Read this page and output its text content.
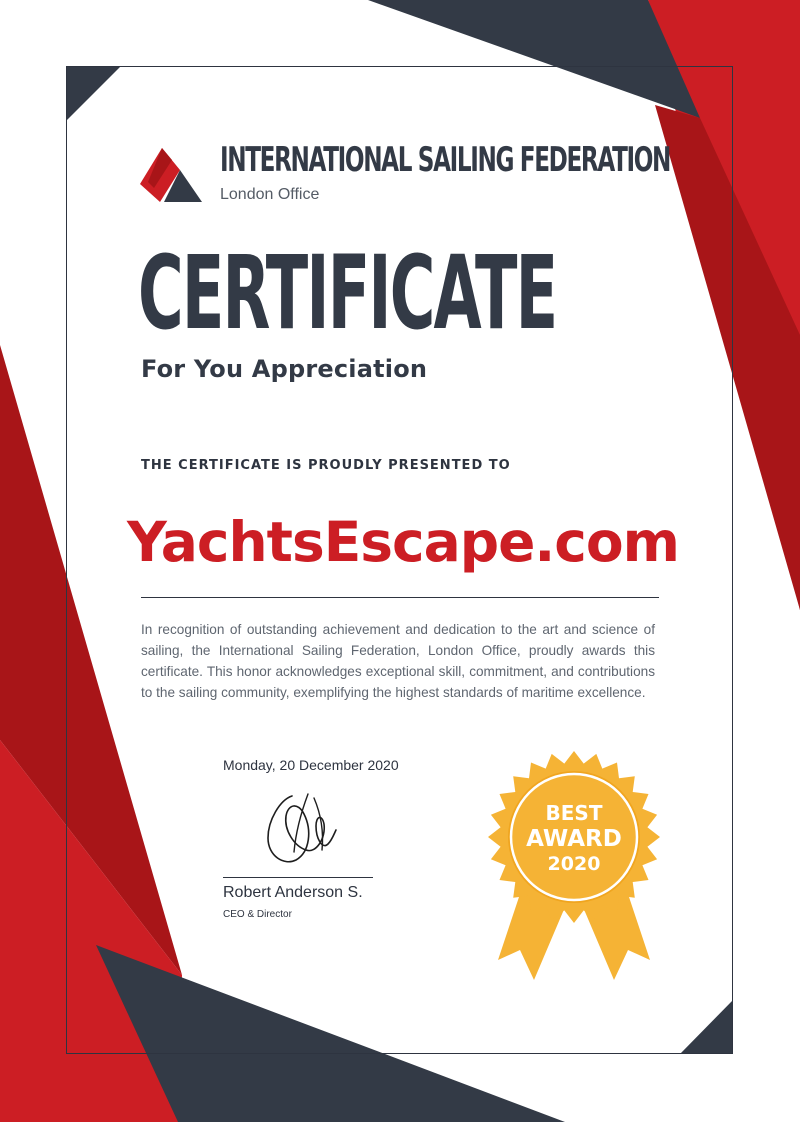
INTERNATIONAL SAILING FEDERATION
London Office
CERTIFICATE
For You Appreciation
THE CERTIFICATE IS PROUDLY PRESENTED TO
YachtsEscape.com
In recognition of outstanding achievement and dedication to the art and science of sailing, the International Sailing Federation, London Office, proudly awards this certificate. This honor acknowledges exceptional skill, commitment, and contributions to the sailing community, exemplifying the highest standards of maritime excellence.
Monday, 20 December 2020
Robert Anderson S.
CEO & Director
BEST
AWARD
2020
